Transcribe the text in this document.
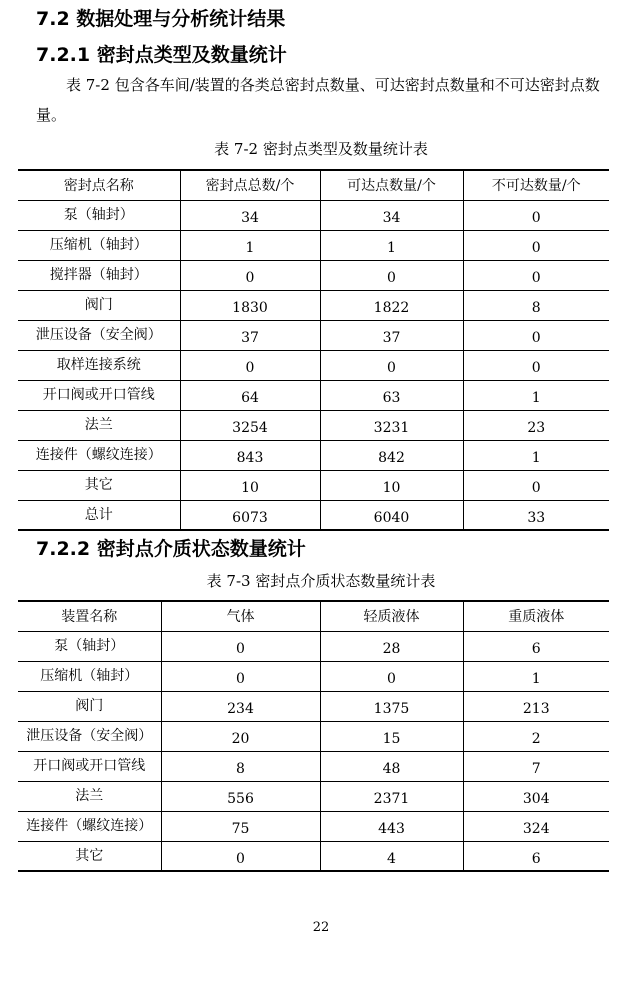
7.2 数据处理与分析统计结果
7.2.1 密封点类型及数量统计
表 7-2 包含各车间/装置的各类总密封点数量、可达密封点数量和不可达密封点数量。
表 7-2 密封点类型及数量统计表
密封点名称	密封点总数/个	可达点数量/个	不可达数量/个
泵（轴封）	34	34	0
压缩机（轴封）	1	1	0
搅拌器（轴封）	0	0	0
阀门	1830	1822	8
泄压设备（安全阀）	37	37	0
取样连接系统	0	0	0
开口阀或开口管线	64	63	1
法兰	3254	3231	23
连接件（螺纹连接）	843	842	1
其它	10	10	0
总计	6073	6040	33
7.2.2 密封点介质状态数量统计
表 7-3 密封点介质状态数量统计表
装置名称	气体	轻质液体	重质液体
泵（轴封）	0	28	6
压缩机（轴封）	0	0	1
阀门	234	1375	213
泄压设备（安全阀）	20	15	2
开口阀或开口管线	8	48	7
法兰	556	2371	304
连接件（螺纹连接）	75	443	324
其它	0	4	6
22
